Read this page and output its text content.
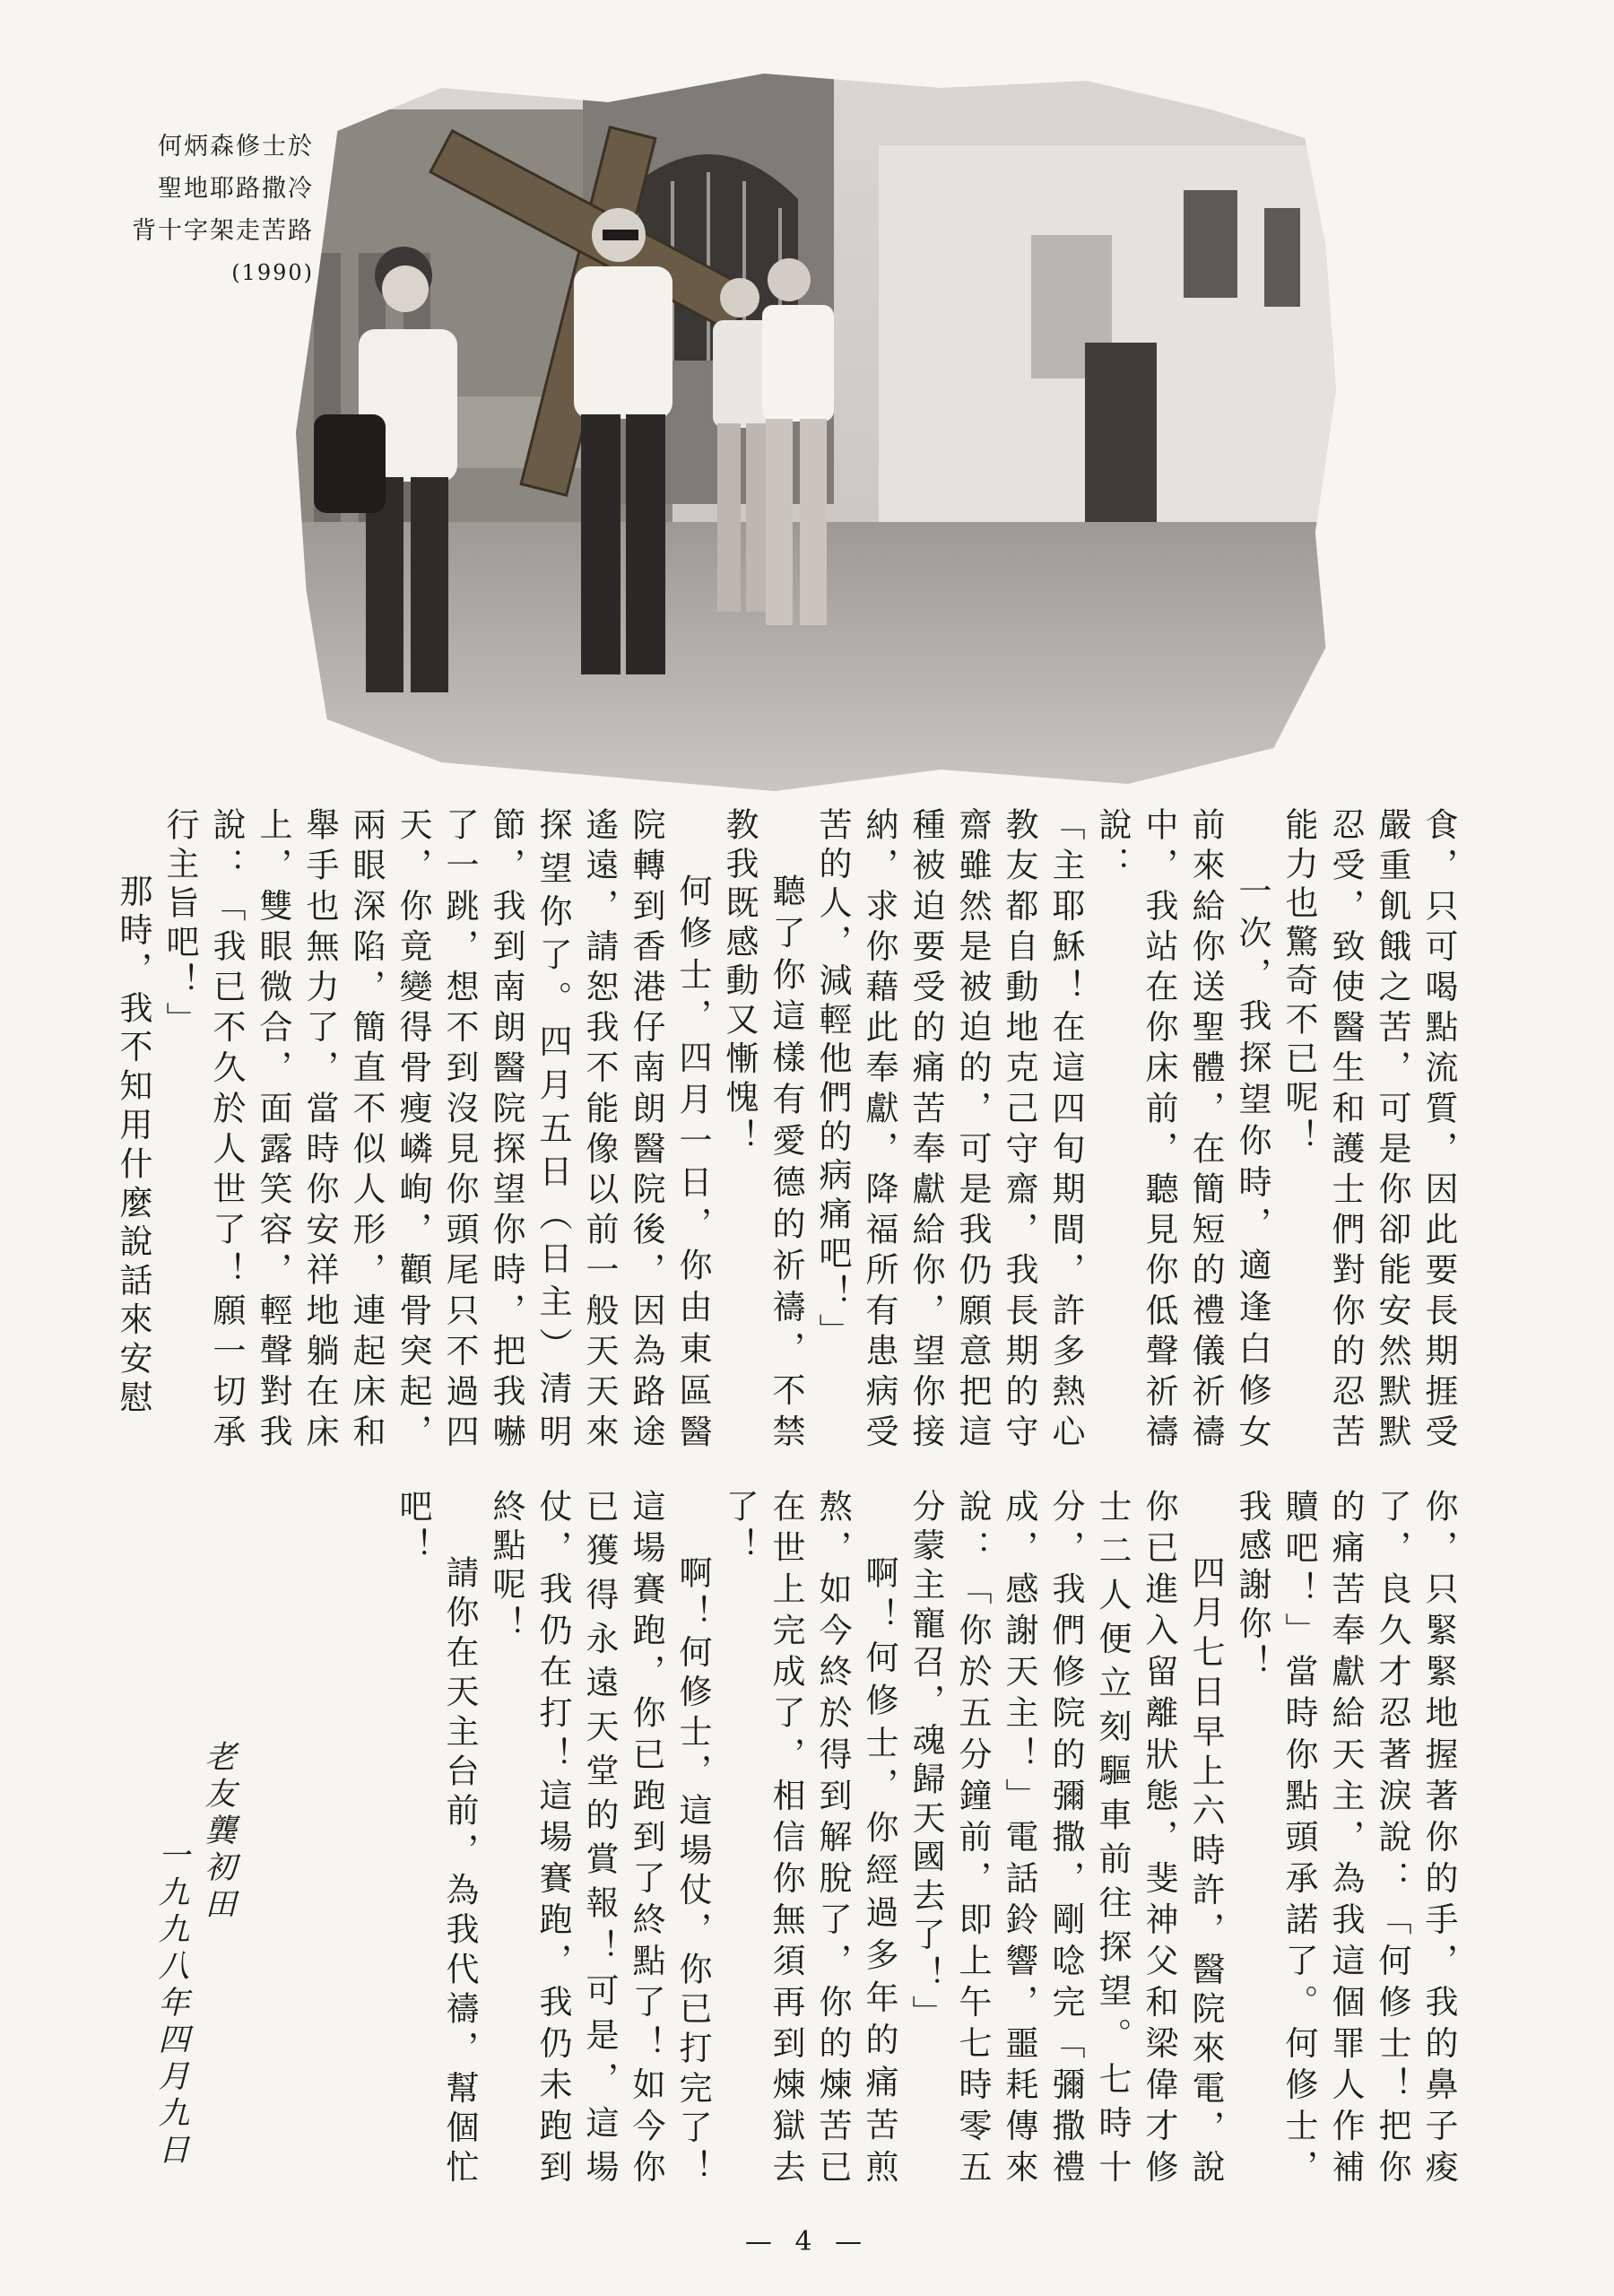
何炳森修士於
聖地耶路撒冷
背十字架走苦路
(1990)

食，只可喝點流質，因此要長期捱受嚴重飢餓之苦，可是你卻能安然默默忍受，致使醫生和護士們對你的忍苦能力也驚奇不已呢！

一次，我探望你時，適逢白修女前來給你送聖體，在簡短的禮儀祈禱中，我站在你床前，聽見你低聲祈禱說：

「主耶穌！在這四旬期間，許多熱心教友都自動地克己守齋，我長期的守齋雖然是被迫的，可是我仍願意把這種被迫要受的痛苦奉獻給你，望你接納，求你藉此奉獻，降福所有患病受苦的人，減輕他們的病痛吧！」

聽了你這樣有愛德的祈禱，不禁教我既感動又慚愧！

何修士，四月一日，你由東區醫院轉到香港仔南朗醫院後，因為路途遙遠，請恕我不能像以前一般天天來探望你了。四月五日（日主）清明節，我到南朗醫院探望你時，把我嚇了一跳，想不到沒見你頭尾只不過四天，你竟變得骨瘦嶙峋，顴骨突起，兩眼深陷，簡直不似人形，連起床和舉手也無力了，當時你安祥地躺在床上，雙眼微合，面露笑容，輕聲對我說：「我已不久於人世了！願一切承行主旨吧！」

那時，我不知用什麼說話來安慰

你，只緊緊地握著你的手，我的鼻子痠了，良久才忍著淚說：「何修士！把你的痛苦奉獻給天主，為我這個罪人作補贖吧！」當時你點頭承諾了。何修士，我感謝你！

四月七日早上六時許，醫院來電，說你已進入留離狀態，斐神父和梁偉才修士二人便立刻驅車前往探望。七時十分，我們修院的彌撒，剛唸完「彌撒禮成，感謝天主！」電話鈴響，噩耗傳來說：「你於五分鐘前，即上午七時零五分蒙主寵召，魂歸天國去了！」

啊！何修士，你經過多年的痛苦煎熬，如今終於得到解脫了，你的煉苦已在世上完成了，相信你無須再到煉獄去了！

啊！何修士，這場仗，你已打完了！這場賽跑，你已跑到了終點了！如今你已獲得永遠天堂的賞報！可是，這場仗，我仍在打！這場賽跑，我仍未跑到終點呢！

請你在天主台前，為我代禱，幫個忙吧！

老友龔初田
一九九八年四月九日
— 4 —
